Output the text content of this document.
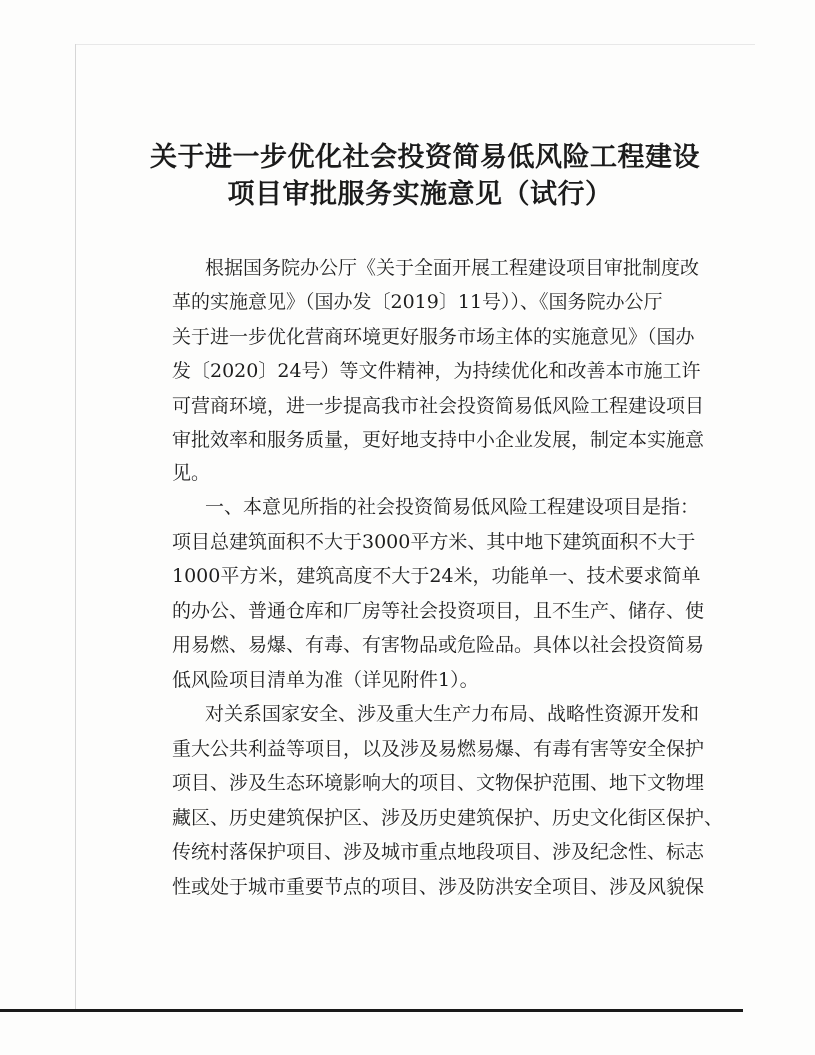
关于进一步优化社会投资简易低风险工程建设
项目审批服务实施意见（试行）
根据国务院办公厅《关于全面开展工程建设项目审批制度改
革的实施意见》（国办发〔2019〕11号））、《国务院办公厅
关于进一步优化营商环境更好服务市场主体的实施意见》（国办
发〔2020〕24号）等文件精神，为持续优化和改善本市施工许
可营商环境，进一步提高我市社会投资简易低风险工程建设项目
审批效率和服务质量，更好地支持中小企业发展，制定本实施意
见。
一、本意见所指的社会投资简易低风险工程建设项目是指：
项目总建筑面积不大于3000平方米、其中地下建筑面积不大于
1000平方米，建筑高度不大于24米，功能单一、技术要求简单
的办公、普通仓库和厂房等社会投资项目，且不生产、储存、使
用易燃、易爆、有毒、有害物品或危险品。具体以社会投资简易
低风险项目清单为准（详见附件1）。
对关系国家安全、涉及重大生产力布局、战略性资源开发和
重大公共利益等项目，以及涉及易燃易爆、有毒有害等安全保护
项目、涉及生态环境影响大的项目、文物保护范围、地下文物埋
藏区、历史建筑保护区、涉及历史建筑保护、历史文化街区保护、
传统村落保护项目、涉及城市重点地段项目、涉及纪念性、标志
性或处于城市重要节点的项目、涉及防洪安全项目、涉及风貌保
